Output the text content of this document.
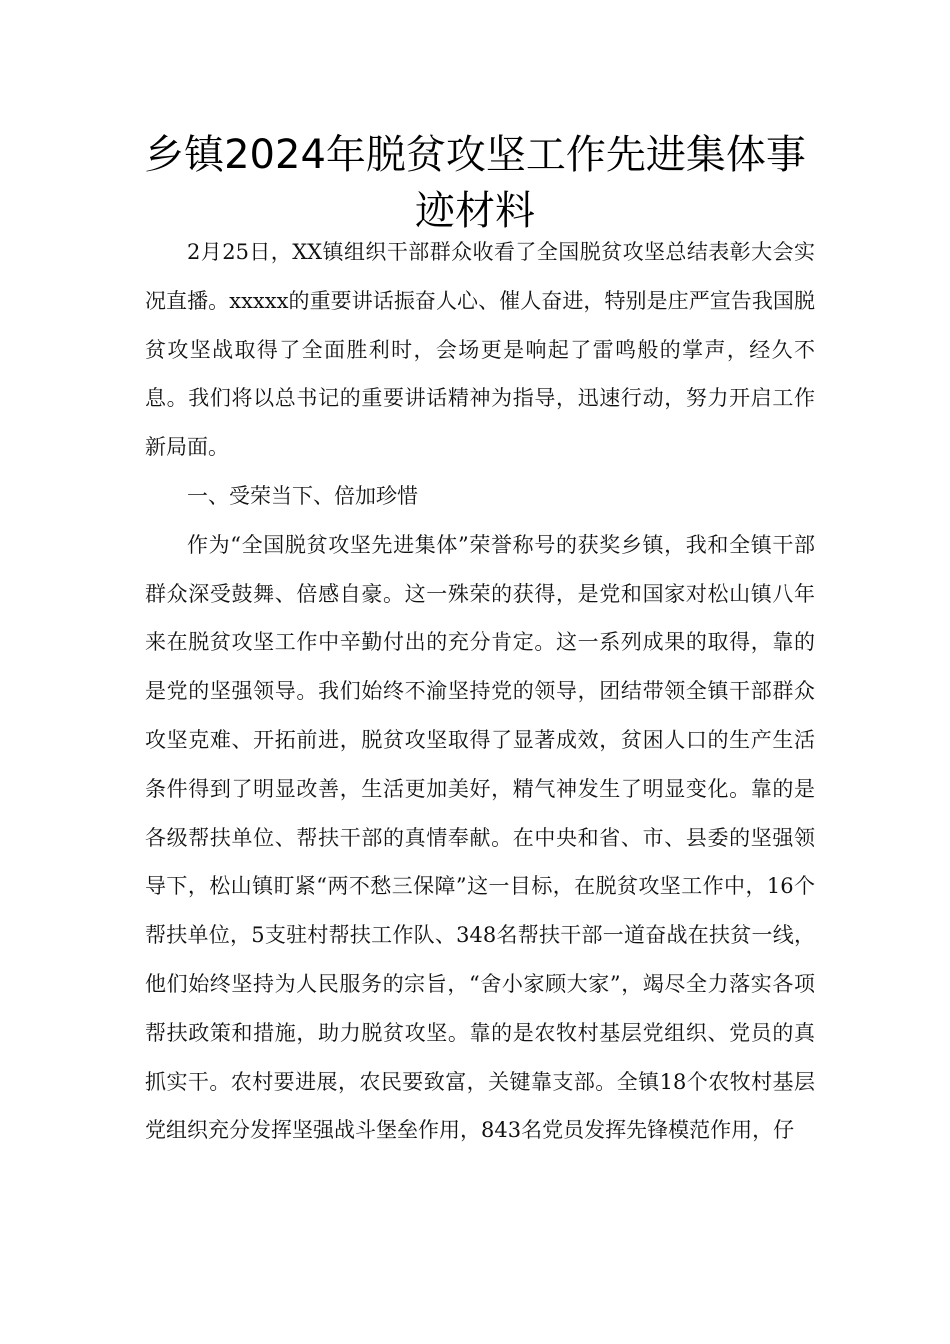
乡镇2024年脱贫攻坚工作先进集体事
迹材料

2月25日，XX镇组织干部群众收看了全国脱贫攻坚总结表彰大会实况直播。xxxxx的重要讲话振奋人心、催人奋进，特别是庄严宣告我国脱贫攻坚战取得了全面胜利时，会场更是响起了雷鸣般的掌声，经久不息。我们将以总书记的重要讲话精神为指导，迅速行动，努力开启工作新局面。

一、受荣当下、倍加珍惜

作为“全国脱贫攻坚先进集体”荣誉称号的获奖乡镇，我和全镇干部群众深受鼓舞、倍感自豪。这一殊荣的获得，是党和国家对松山镇八年来在脱贫攻坚工作中辛勤付出的充分肯定。这一系列成果的取得，靠的是党的坚强领导。我们始终不渝坚持党的领导，团结带领全镇干部群众攻坚克难、开拓前进，脱贫攻坚取得了显著成效，贫困人口的生产生活条件得到了明显改善，生活更加美好，精气神发生了明显变化。靠的是各级帮扶单位、帮扶干部的真情奉献。在中央和省、市、县委的坚强领导下，松山镇盯紧“两不愁三保障”这一目标，在脱贫攻坚工作中，16个帮扶单位，5支驻村帮扶工作队、348名帮扶干部一道奋战在扶贫一线，他们始终坚持为人民服务的宗旨，“舍小家顾大家”，竭尽全力落实各项帮扶政策和措施，助力脱贫攻坚。靠的是农牧村基层党组织、党员的真抓实干。农村要进展，农民要致富，关键靠支部。全镇18个农牧村基层党组织充分发挥坚强战斗堡垒作用，843名党员发挥先锋模范作用，仔
